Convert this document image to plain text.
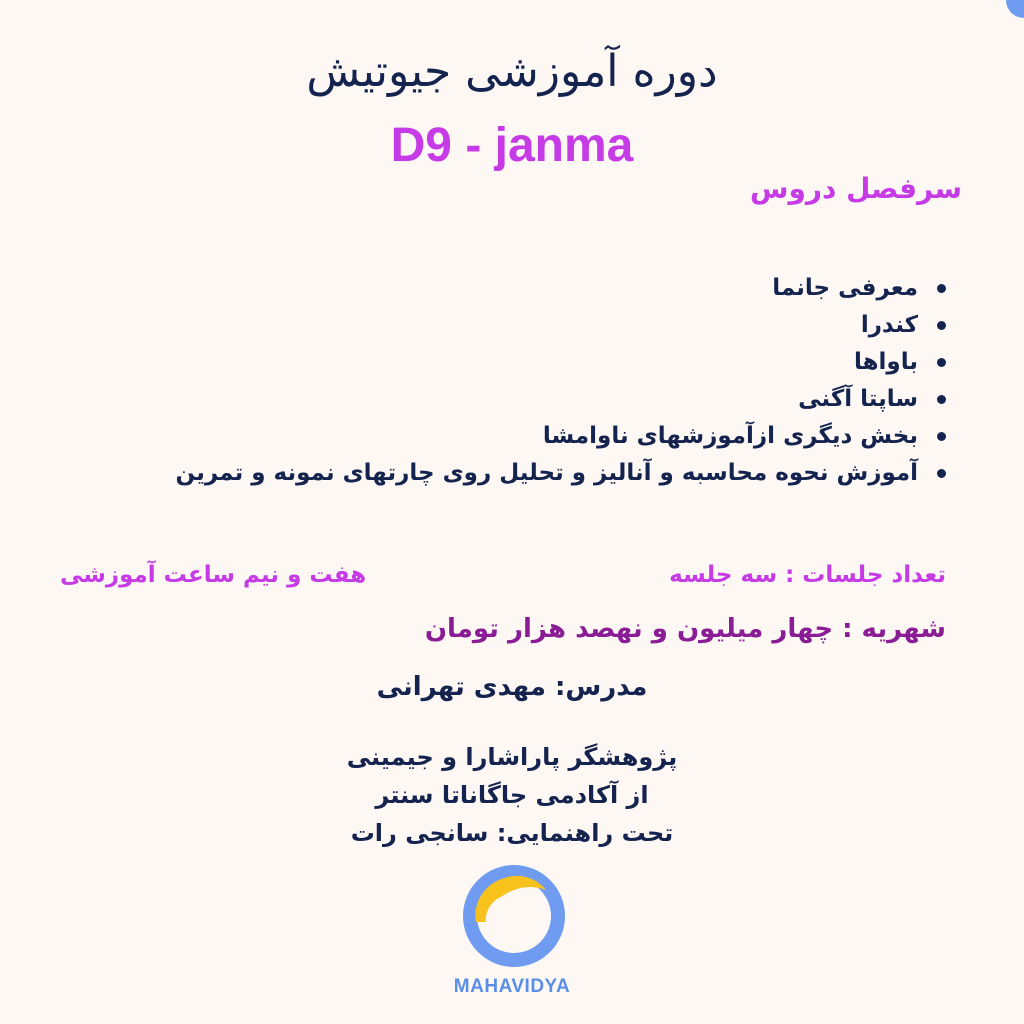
دوره آموزشی جیوتیش
D9 - janma
سرفصل دروس
معرفی جانما
کندرا
باواها
ساپتا آگنی
بخش دیگری ازآموزشهای ناوامشا
آموزش نحوه محاسبه و آنالیز و تحلیل روی چارتهای نمونه و تمرین
تعداد جلسات : سه جلسه
هفت و نیم ساعت آموزشی
شهریه : چهار میلیون و نهصد هزار تومان
مدرس: مهدی تهرانی
پژوهشگر پاراشارا و جیمینی
از آکادمی جاگاناتا سنتر
تحت راهنمایی: سانجی رات
MAHAVIDYA
